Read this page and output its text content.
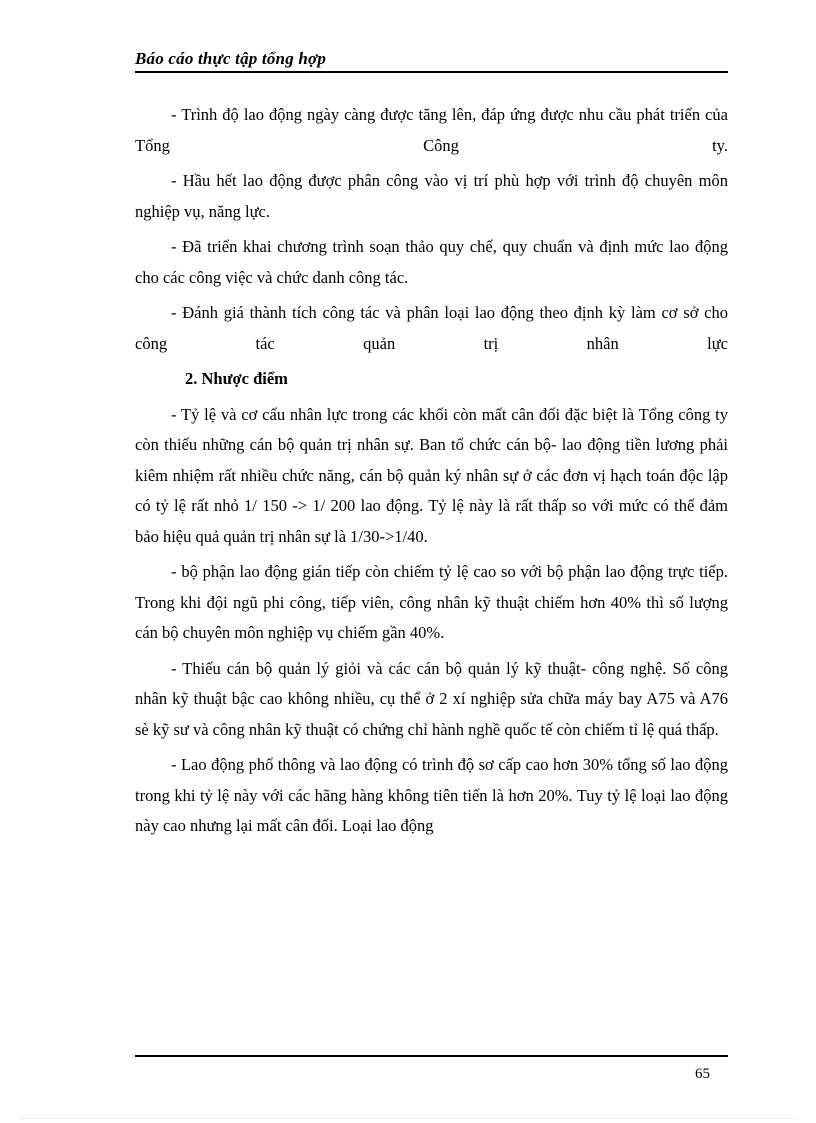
Báo cáo thực tập tổng hợp

- Trình độ lao động ngày càng được tăng lên, đáp ứng được nhu cầu phát triển của Tổng Công ty.

- Hầu hết lao động được phân công vào vị trí phù hợp với trình độ chuyên môn nghiệp vụ, năng lực.

- Đã triển khai chương trình soạn thảo quy chế, quy chuẩn và định mức lao động cho các công việc và chức danh công tác.

- Đánh giá thành tích công tác và phân loại lao động theo định kỳ làm cơ sở cho công tác quản trị nhân lực

2. Nhược điểm

- Tỷ lệ và cơ cấu nhân lực trong các khối còn mất cân đối đặc biệt là Tổng công ty còn thiếu những cán bộ quản trị nhân sự. Ban tổ chức cán bộ- lao động tiền lương phải kiêm nhiệm rất nhiều chức năng, cán bộ quản ký nhân sự ở các đơn vị hạch toán độc lập có tỷ lệ rất nhỏ 1/ 150 -> 1/ 200 lao động. Tỷ lệ này là rất thấp so với mức có thể đảm bảo hiệu quả quản trị nhân sự là 1/30->1/40.

- bộ phận lao động gián tiếp còn chiếm tỷ lệ cao so với bộ phận lao động trực tiếp. Trong khi đội ngũ phi công, tiếp viên, công nhân kỹ thuật chiếm hơn 40% thì số lượng cán bộ chuyên môn nghiệp vụ chiếm gần 40%.

- Thiếu cán bộ quản lý giỏi và các cán bộ quản lý kỹ thuật- công nghệ. Số công nhân kỹ thuật bậc cao không nhiều, cụ thể ở 2 xí nghiệp sửa chữa máy bay A75 và A76 sè kỹ sư và công nhân kỹ thuật có chứng chỉ hành nghề quốc tế còn chiếm tỉ lệ quá thấp.

- Lao động phổ thông và lao động có trình độ sơ cấp cao hơn 30% tổng số lao động trong khi tỷ lệ này với các hãng hàng không tiên tiến là hơn 20%. Tuy tỷ lệ loại lao động này cao nhưng lại mất cân đối. Loại lao động

65
